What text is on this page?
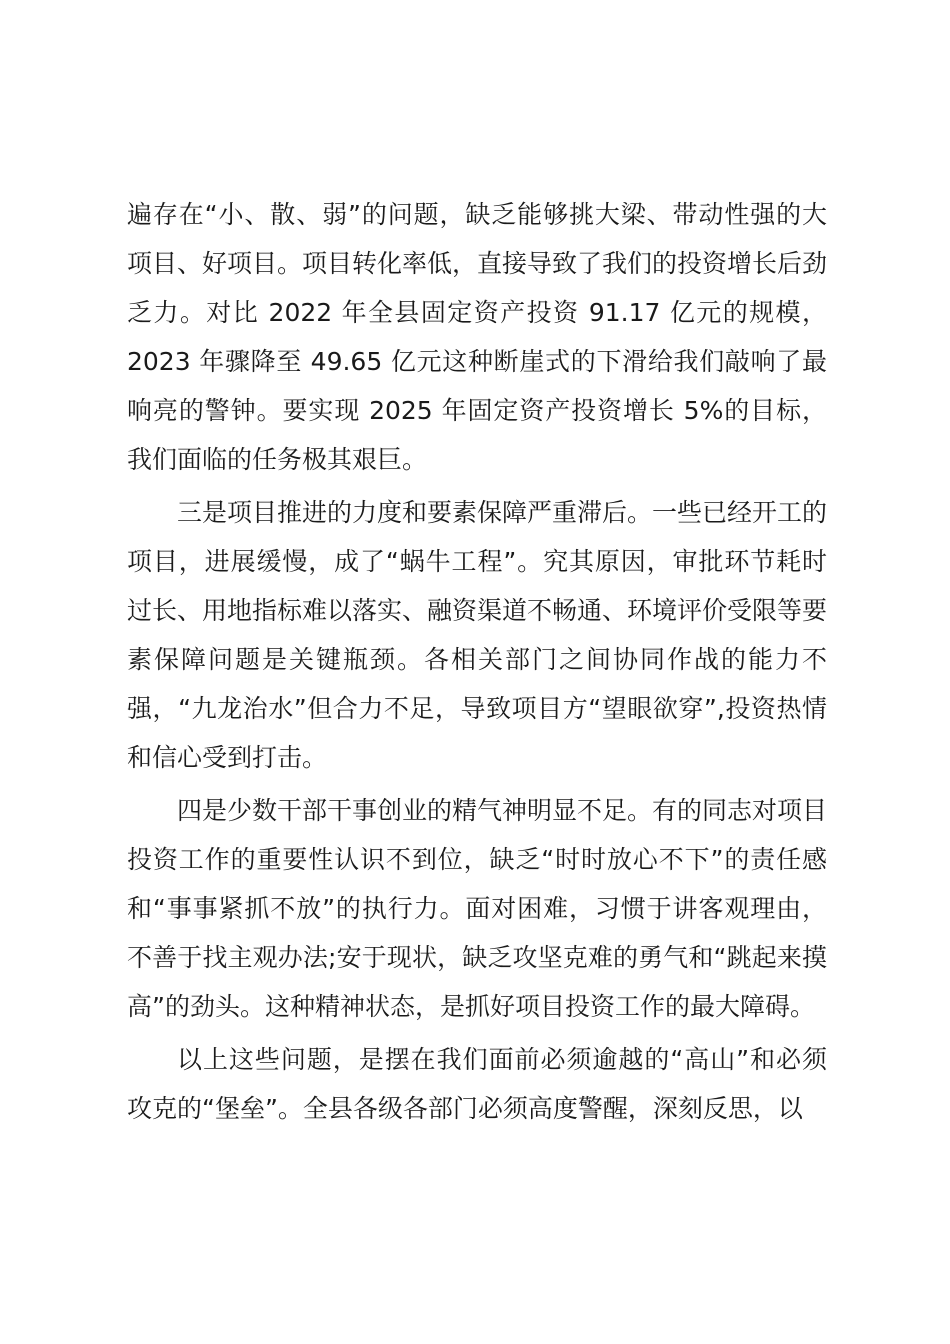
遍存在“小、散、弱”的问题，缺乏能够挑大梁、带动性强的大项目、好项目。项目转化率低，直接导致了我们的投资增长后劲乏力。对比 2022 年全县固定资产投资 91.17 亿元的规模，2023 年骤降至 49.65 亿元这种断崖式的下滑给我们敲响了最响亮的警钟。要实现 2025 年固定资产投资增长 5%的目标，我们面临的任务极其艰巨。

三是项目推进的力度和要素保障严重滞后。一些已经开工的项目，进展缓慢，成了“蜗牛工程”。究其原因，审批环节耗时过长、用地指标难以落实、融资渠道不畅通、环境评价受限等要素保障问题是关键瓶颈。各相关部门之间协同作战的能力不强，“九龙治水”但合力不足，导致项目方“望眼欲穿”,投资热情和信心受到打击。

四是少数干部干事创业的精气神明显不足。有的同志对项目投资工作的重要性认识不到位，缺乏“时时放心不下”的责任感和“事事紧抓不放”的执行力。面对困难，习惯于讲客观理由，不善于找主观办法;安于现状，缺乏攻坚克难的勇气和“跳起来摸高”的劲头。这种精神状态，是抓好项目投资工作的最大障碍。

以上这些问题，是摆在我们面前必须逾越的“高山”和必须攻克的“堡垒”。全县各级各部门必须高度警醒，深刻反思，以
